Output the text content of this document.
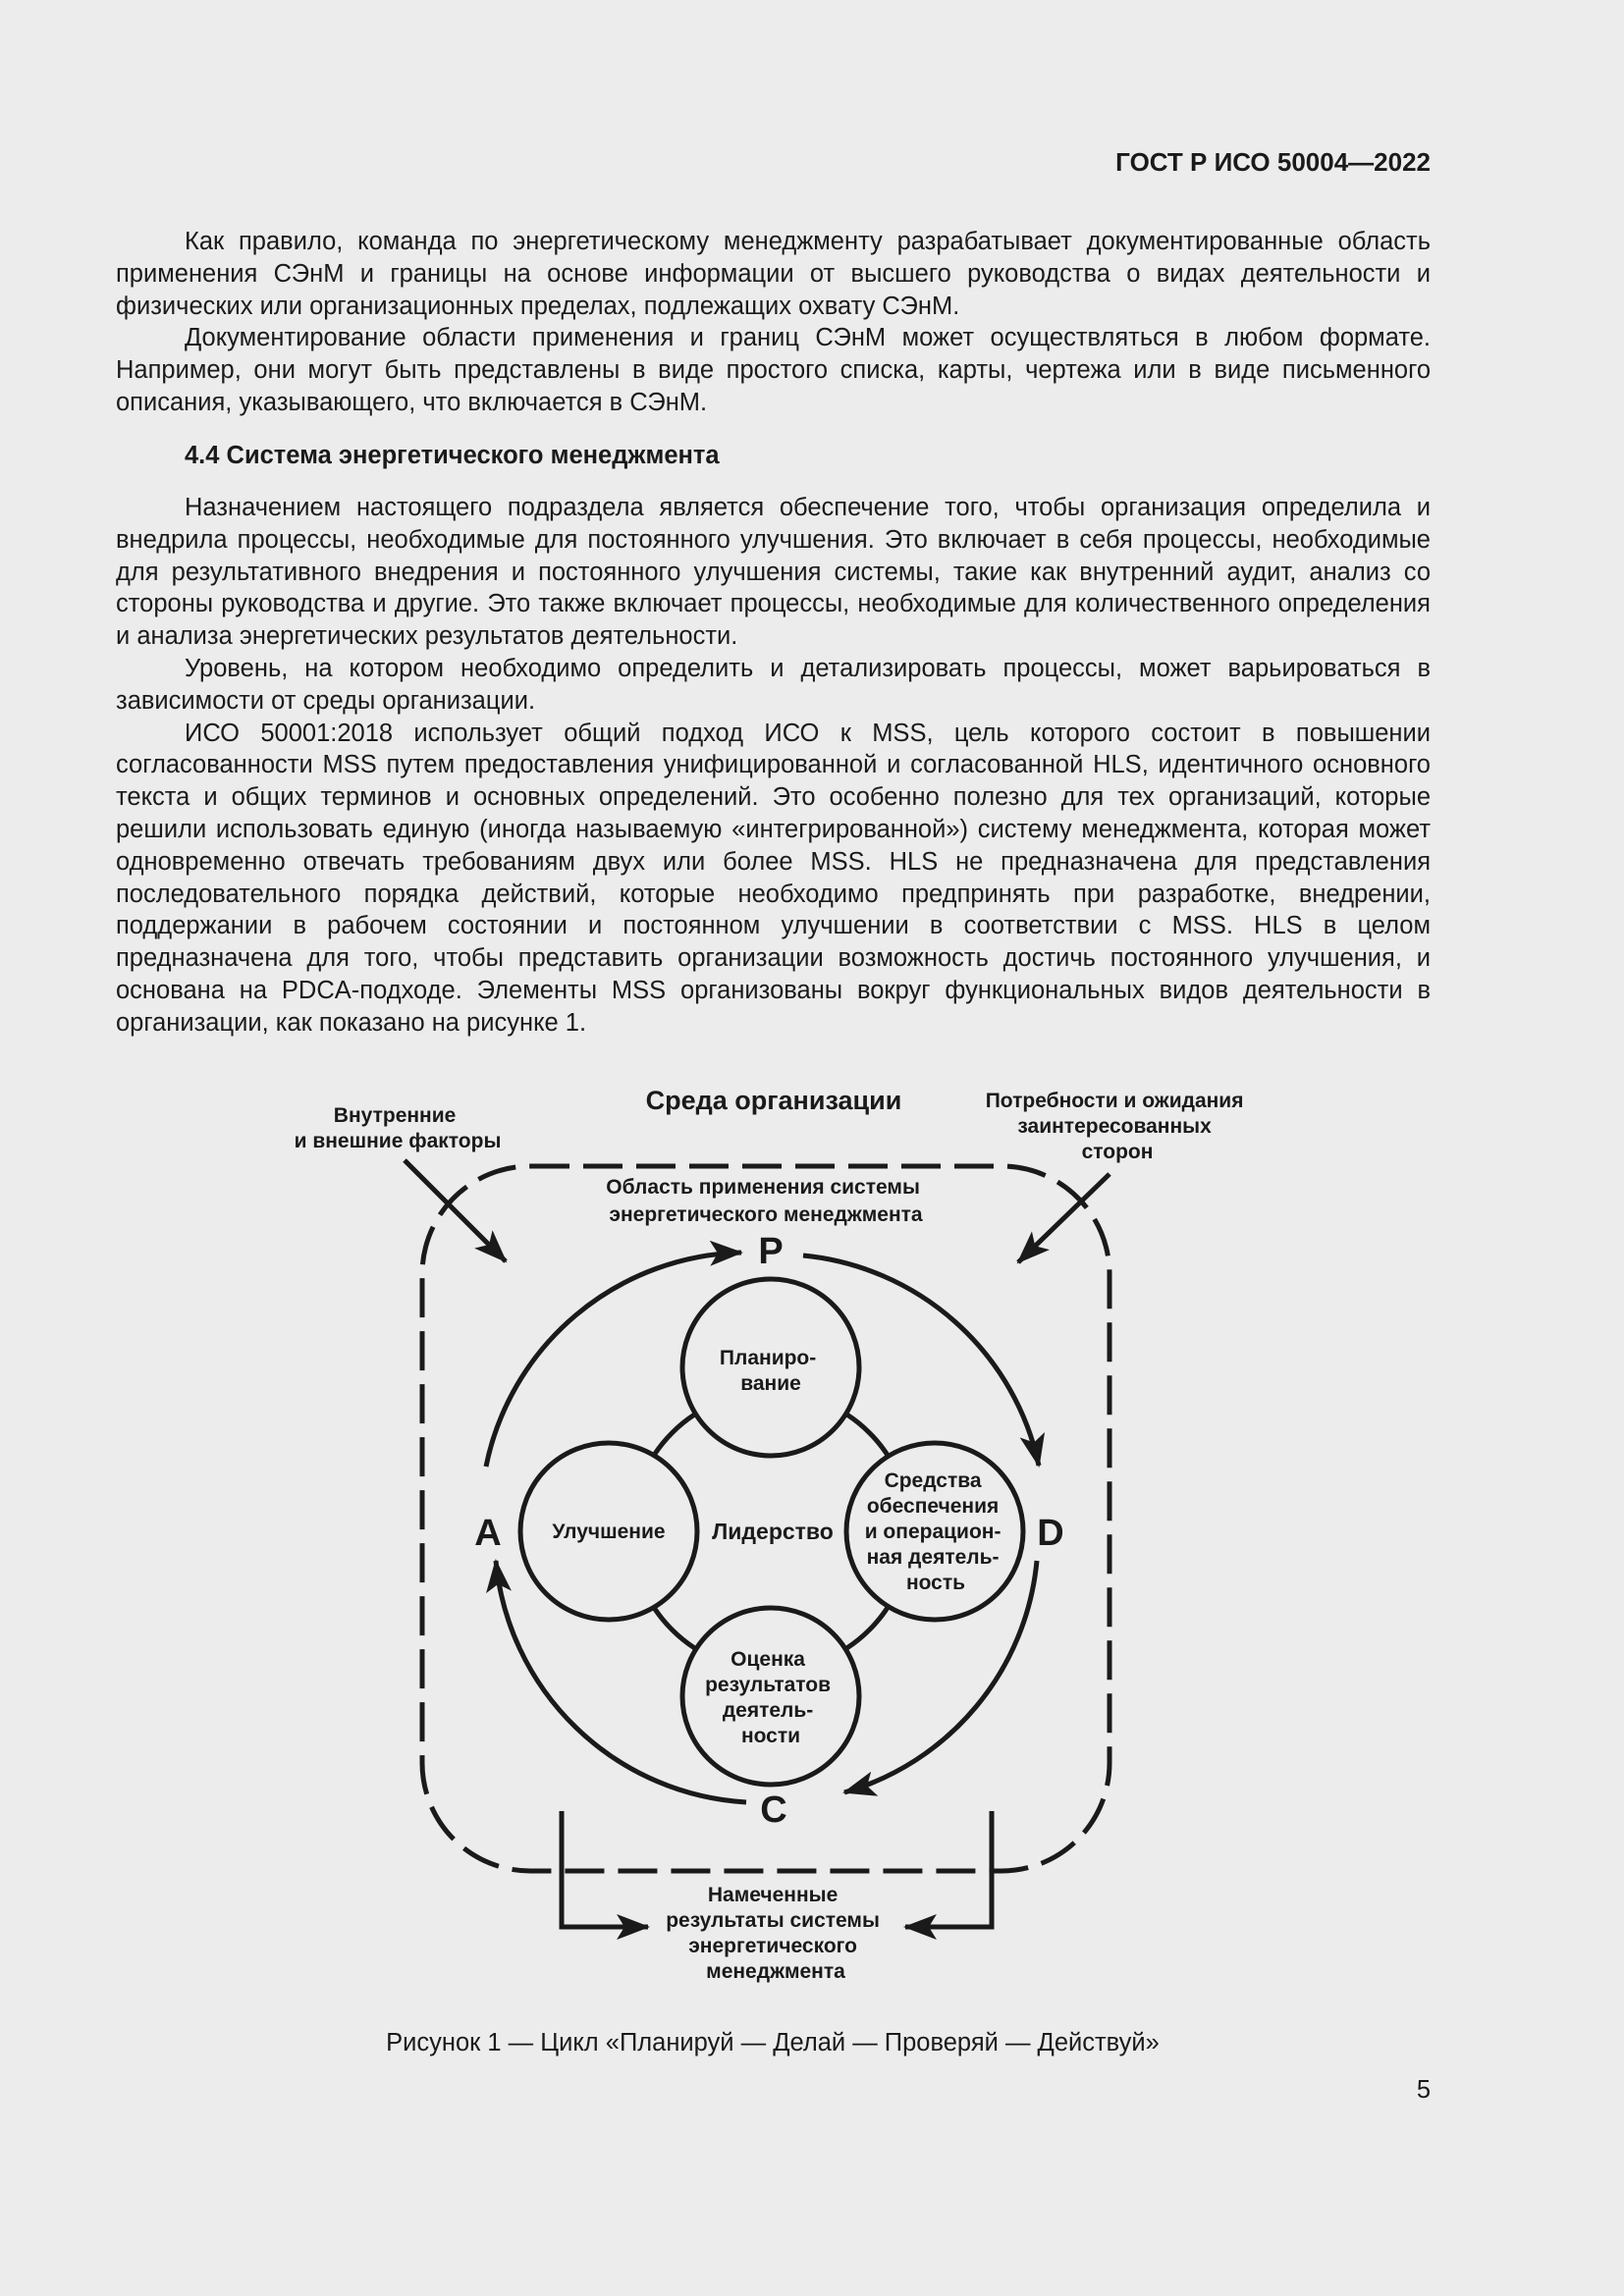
ГОСТ Р ИСО 50004—2022

Как правило, команда по энергетическому менеджменту разрабатывает документированные область применения СЭнМ и границы на основе информации от высшего руководства о видах деятельности и физических или организационных пределах, подлежащих охвату СЭнМ.

Документирование области применения и границ СЭнМ может осуществляться в любом формате. Например, они могут быть представлены в виде простого списка, карты, чертежа или в виде письменного описания, указывающего, что включается в СЭнМ.

4.4 Система энергетического менеджмента

Назначением настоящего подраздела является обеспечение того, чтобы организация определила и внедрила процессы, необходимые для постоянного улучшения. Это включает в себя процессы, необходимые для результативного внедрения и постоянного улучшения системы, такие как внутренний аудит, анализ со стороны руководства и другие. Это также включает процессы, необходимые для количественного определения и анализа энергетических результатов деятельности.

Уровень, на котором необходимо определить и детализировать процессы, может варьироваться в зависимости от среды организации.

ИСО 50001:2018 использует общий подход ИСО к MSS, цель которого состоит в повышении согласованности MSS путем предоставления унифицированной и согласованной HLS, идентичного основного текста и общих терминов и основных определений. Это особенно полезно для тех организаций, которые решили использовать единую (иногда называемую «интегрированной») систему менеджмента, которая может одновременно отвечать требованиям двух или более MSS. HLS не предназначена для представления последовательного порядка действий, которые необходимо предпринять при разработке, внедрении, поддержании в рабочем состоянии и постоянном улучшении в соответствии с MSS. HLS в целом предназначена для того, чтобы представить организации возможность достичь постоянного улучшения, и основана на PDCA-подходе. Элементы MSS организованы вокруг функциональных видов деятельности в организации, как показано на рисунке 1.

Среда организации
Внутренние и внешние факторы
Потребности и ожидания заинтересованных сторон
Область применения системы энергетического менеджмента
P
D
C
A
Планиро- вание
Улучшение Лидерство
Средства обеспечения и операцион- ная деятель- ность
Оценка результатов деятель- ности
Намеченные результаты системы энергетического менеджмента
Рисунок 1 — Цикл «Планируй — Делай — Проверяй — Действуй»
5
